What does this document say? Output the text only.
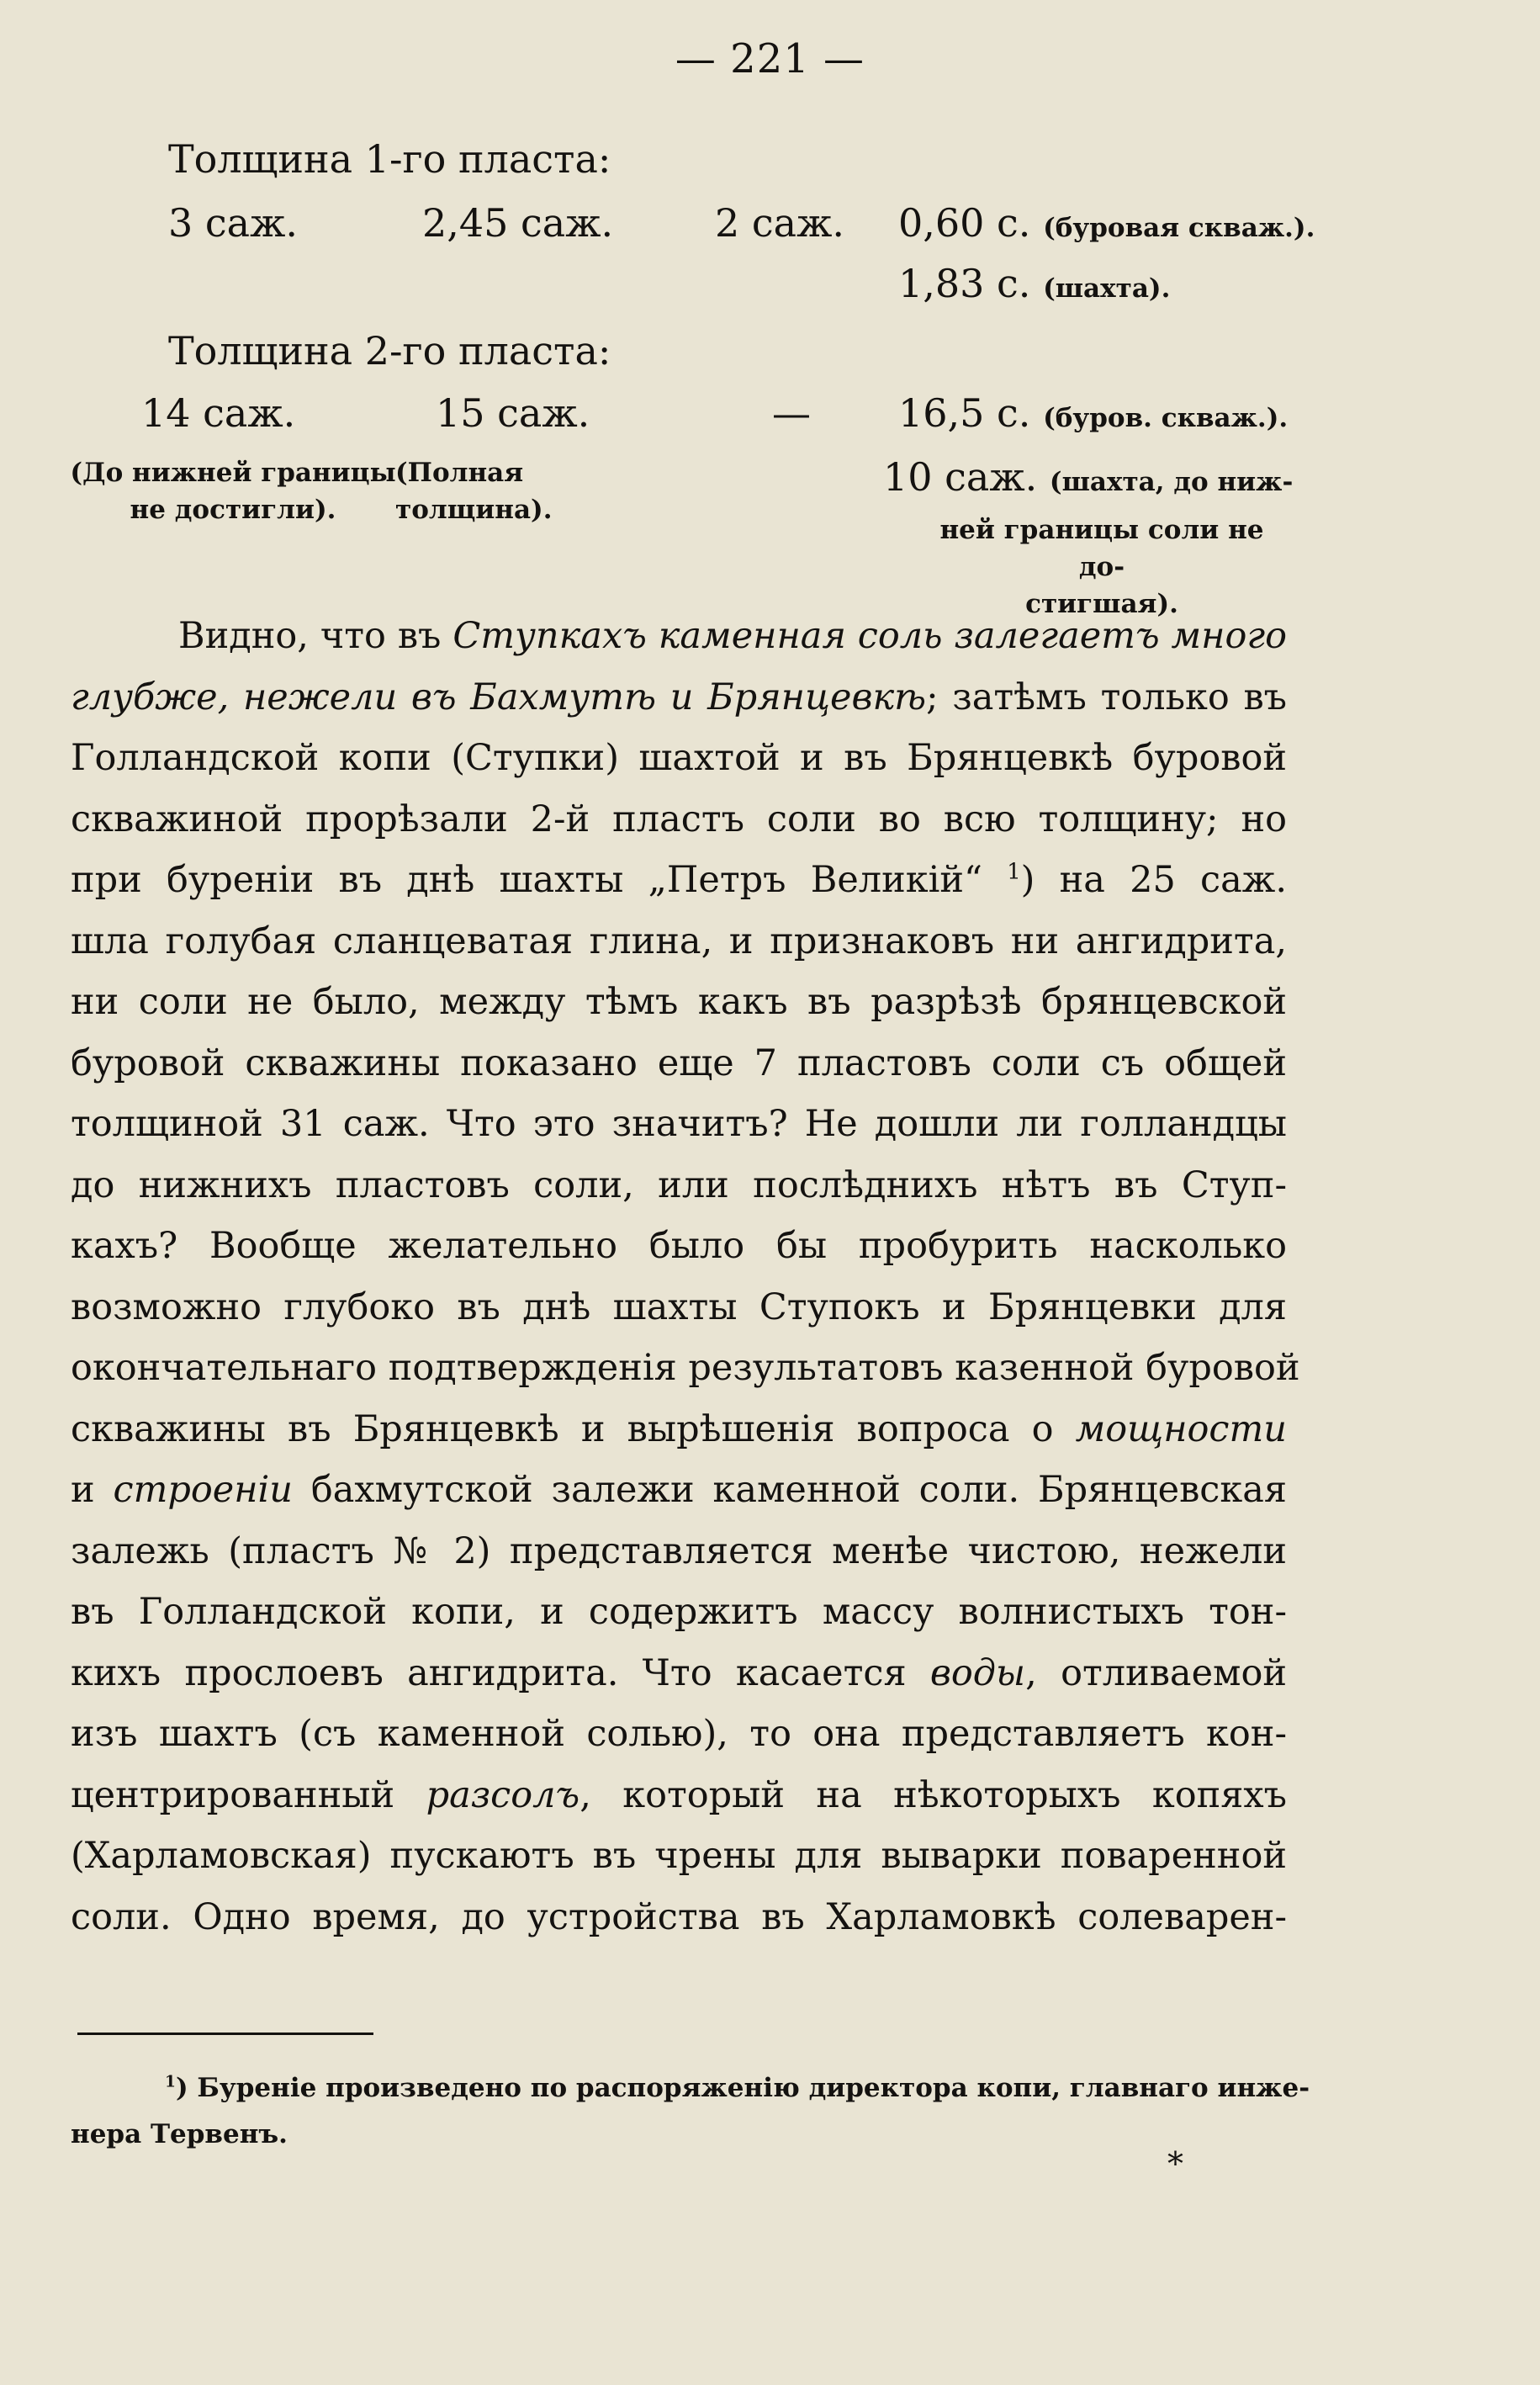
— 221 —
Толщина 1-го пласта:
3 саж.	2,45 саж.	2 саж. 0,60 с. (буровая сквaж.).
1,83 с. (шахта).
Толщина 2-го пласта:
14 саж.	15 саж.	— 16,5 с. (буров. сквaж.).
(До нижней границы
не достигли).
(Полная толщина).
10 саж. (шахта, до ниж-
ней границы соли не до-
стигшая).
Видно, что въ Ступкахъ каменная соль залегаетъ много
глубже, нежели въ Бахмутѣ и Брянцевкѣ; затѣмъ только въ
Голландской копи (Ступки) шахтой и въ Брянцевкѣ буровой
скважиной прорѣзали 2-й пластъ соли во всю толщину; но
при буреніи въ днѣ шахты „Петръ Великій“ $^1$) на 25 саж.
шла голубая сланцеватая глина, и признаковъ ни ангидрита,
ни соли не было, между тѣмъ какъ въ разрѣзѣ брянцевской
буровой скважины показано еще 7 пластовъ соли съ общей
толщиной 31 саж. Что это значитъ? Не дошли ли голландцы
до нижнихъ пластовъ соли, или послѣднихъ нѣтъ въ Ступ-
кахъ? Вообще желательно было бы пробурить насколько
возможно глубоко въ днѣ шахты Ступокъ и Брянцевки для
окончательнаго подтвержденія результатовъ казенной буровой
скважины въ Брянцевкѣ и вырѣшенія вопроса о мощности
и строеніи бахмутской залежи каменной соли. Брянцевская
залежь (пластъ № 2) представляется менѣе чистою, нежели
въ Голландской копи, и содержитъ массу волнистыхъ тон-
кихъ прослоевъ ангидрита. Что касается воды, отливаемой
изъ шахтъ (съ каменной солью), то она представляетъ кон-
центрированный разсолъ, который на нѣкоторыхъ копяхъ
(Харламовская) пускаютъ въ чрены для выварки поваренной
соли. Одно время, до устройства въ Харламовкѣ солеварен-
$^1$) Буреніе произведено по распоряженію директора копи, главнаго инже-
нера Тервенъ.
*
